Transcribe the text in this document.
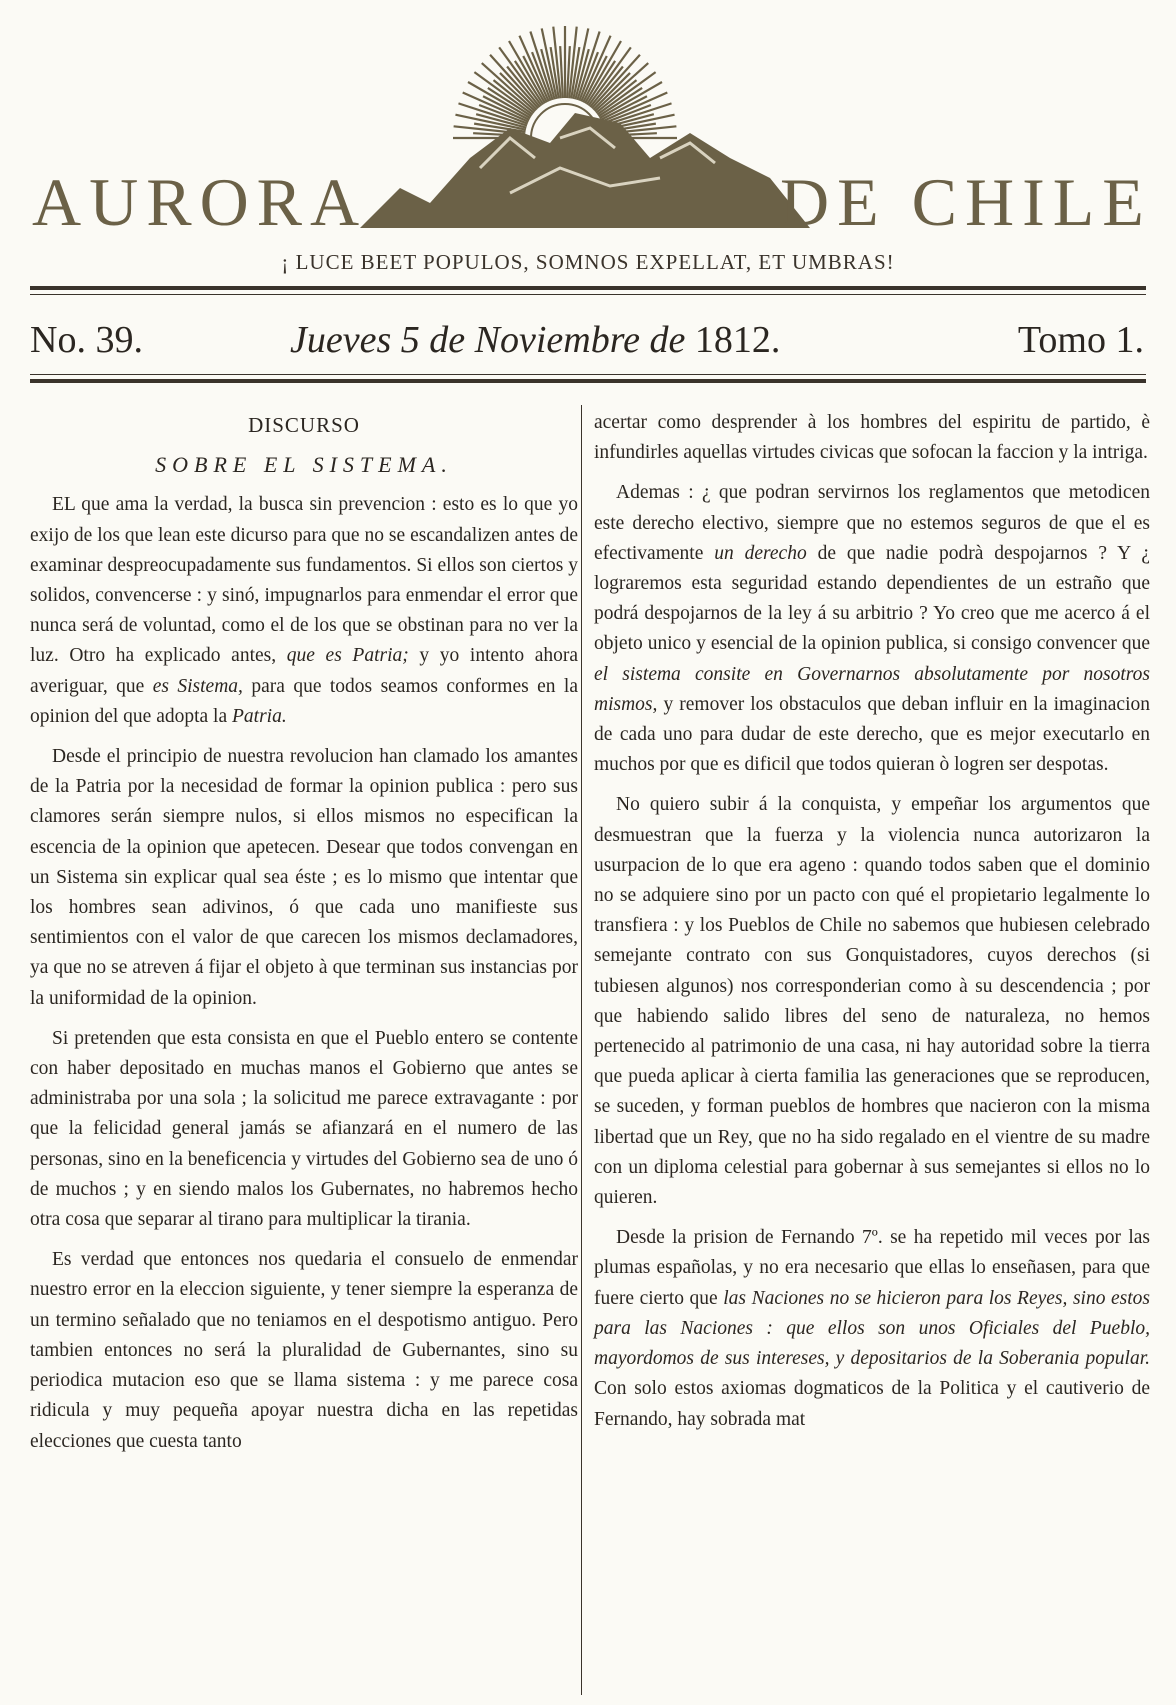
AURORA	DE CHILE
¡ LUCE BEET POPULOS, SOMNOS EXPELLAT, ET UMBRAS!
No. 39.	Jueves 5 de Noviembre de 1812.	Tomo 1.

DISCURSO

SOBRE EL SISTEMA.

EL que ama la verdad, la busca sin prevencion : esto es lo que yo exijo de los que lean este dicurso para que no se escandalizen antes de examinar despreocupadamente sus fundamentos. Si ellos son ciertos y solidos, convencerse : y sinó, impugnarlos para enmendar el error que nunca será de voluntad, como el de los que se obstinan para no ver la luz. Otro ha explicado antes, que es Patria; y yo intento ahora averiguar, que es Sistema, para que todos seamos conformes en la opinion del que adopta la Patria.

Desde el principio de nuestra revolucion han clamado los amantes de la Patria por la necesidad de formar la opinion publica : pero sus clamores serán siempre nulos, si ellos mismos no especifican la escencia de la opinion que apetecen. Desear que todos convengan en un Sistema sin explicar qual sea éste ; es lo mismo que intentar que los hombres sean adivinos, ó que cada uno manifieste sus sentimientos con el valor de que carecen los mismos declamadores, ya que no se atreven á fijar el objeto à que terminan sus instancias por la uniformidad de la opinion.

Si pretenden que esta consista en que el Pueblo entero se contente con haber depositado en muchas manos el Gobierno que antes se administraba por una sola ; la solicitud me parece extravagante : por que la felicidad general jamás se afianzará en el numero de las personas, sino en la beneficencia y virtudes del Gobierno sea de uno ó de muchos ; y en siendo malos los Gubernates, no habremos hecho otra cosa que separar al tirano para multiplicar la tirania.

Es verdad que entonces nos quedaria el consuelo de enmendar nuestro error en la eleccion siguiente, y tener siempre la esperanza de un termino señalado que no teniamos en el despotismo antiguo. Pero tambien entonces no será la pluralidad de Gubernantes, sino su periodica mutacion eso que se llama sistema : y me parece cosa ridicula y muy pequeña apoyar nuestra dicha en las repetidas elecciones que cuesta tanto

acertar como desprender à los hombres del espiritu de partido, è infundirles aquellas virtudes civicas que sofocan la faccion y la intriga.

Ademas : ¿ que podran servirnos los reglamentos que metodicen este derecho electivo, siempre que no estemos seguros de que el es efectivamente un derecho de que nadie podrà despojarnos ? Y ¿ lograremos esta seguridad estando dependientes de un estraño que podrá despojarnos de la ley á su arbitrio ? Yo creo que me acerco á el objeto unico y esencial de la opinion publica, si consigo convencer que el sistema consite en Governarnos absolutamente por nosotros mismos, y remover los obstaculos que deban influir en la imaginacion de cada uno para dudar de este derecho, que es mejor executarlo en muchos por que es dificil que todos quieran ò logren ser despotas.

No quiero subir á la conquista, y empeñar los argumentos que desmuestran que la fuerza y la violencia nunca autorizaron la usurpacion de lo que era ageno : quando todos saben que el dominio no se adquiere sino por un pacto con qué el propietario legalmente lo transfiera : y los Pueblos de Chile no sabemos que hubiesen celebrado semejante contrato con sus Gonquistadores, cuyos derechos (si tubiesen algunos) nos corresponderian como à su descendencia ; por que habiendo salido libres del seno de naturaleza, no hemos pertenecido al patrimonio de una casa, ni hay autoridad sobre la tierra que pueda aplicar à cierta familia las generaciones que se reproducen, se suceden, y forman pueblos de hombres que nacieron con la misma libertad que un Rey, que no ha sido regalado en el vientre de su madre con un diploma celestial para gobernar à sus semejantes si ellos no lo quieren.

Desde la prision de Fernando 7º. se ha repetido mil veces por las plumas españolas, y no era necesario que ellas lo enseñasen, para que fuere cierto que las Naciones no se hicieron para los Reyes, sino estos para las Naciones : que ellos son unos Oficiales del Pueblo, mayordomos de sus intereses, y depositarios de la Soberania popular. Con solo estos axiomas dogmaticos de la Politica y el cautiverio de Fernando, hay sobrada mat
